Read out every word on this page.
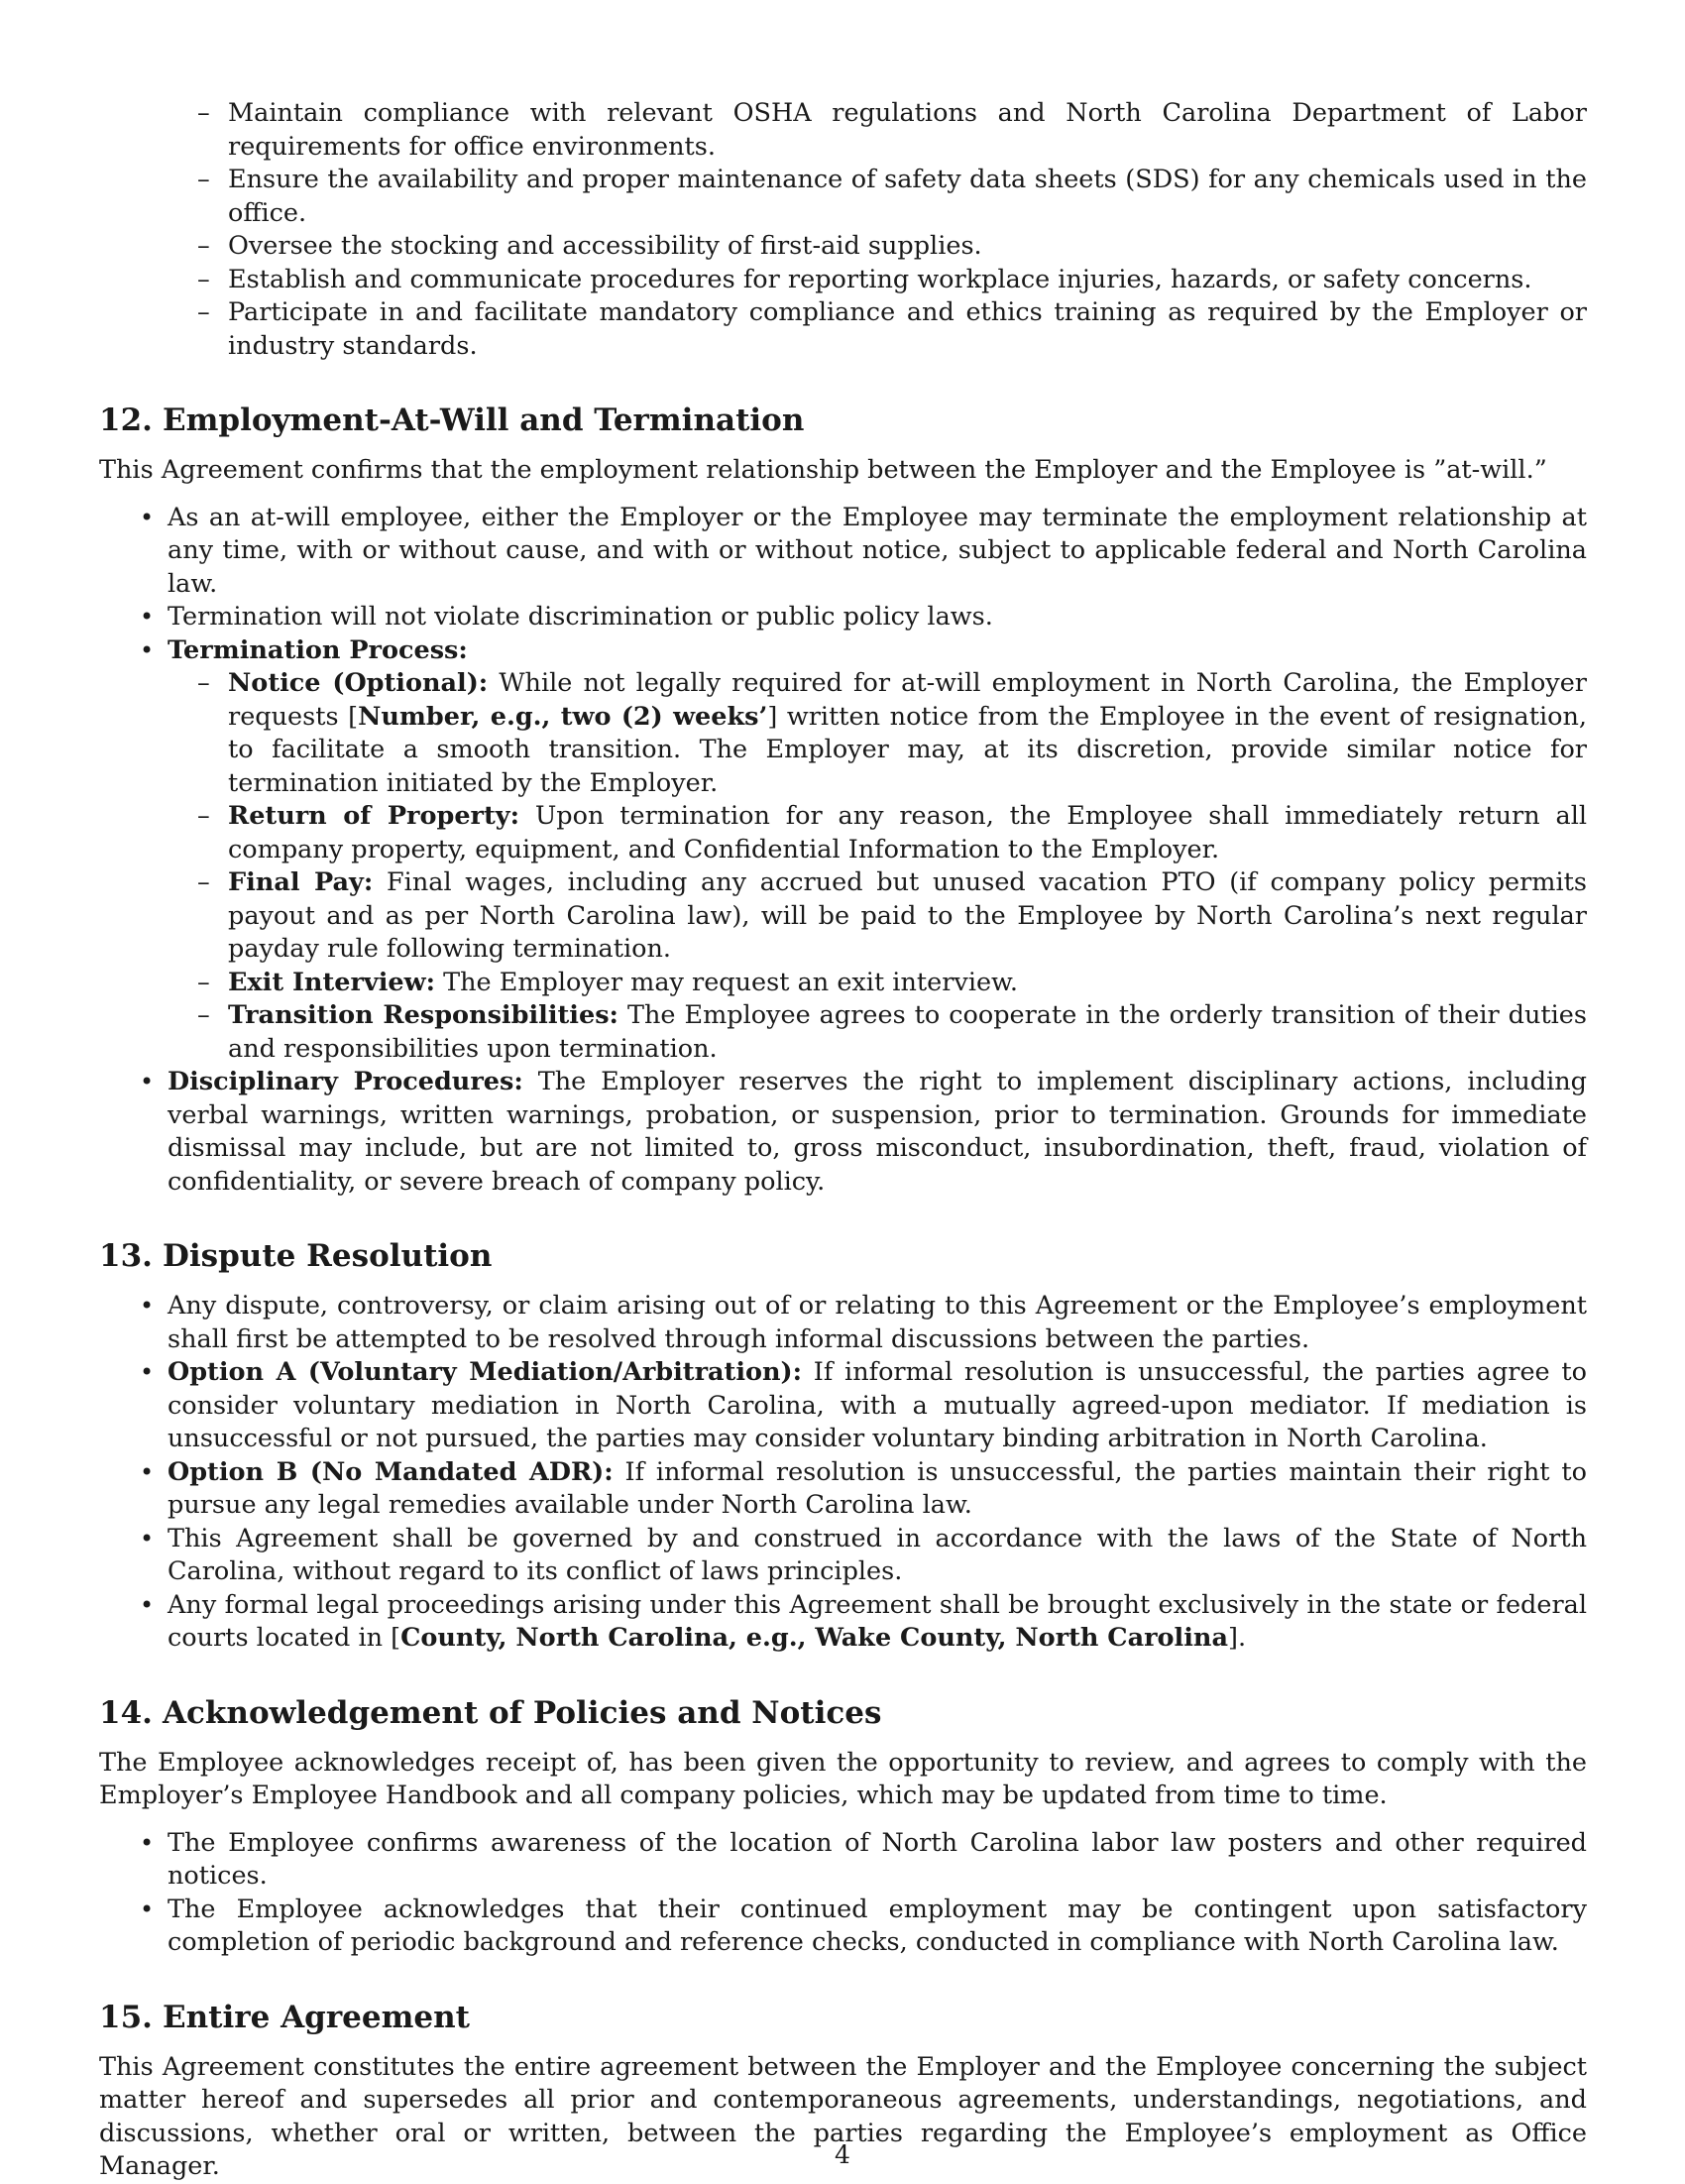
– Maintain compliance with relevant OSHA regulations and North Carolina Department of Labor requirements for office environments.
– Ensure the availability and proper maintenance of safety data sheets (SDS) for any chemicals used in the office.
– Oversee the stocking and accessibility of first-aid supplies.
– Establish and communicate procedures for reporting workplace injuries, hazards, or safety concerns.
– Participate in and facilitate mandatory compliance and ethics training as required by the Employer or industry standards.
12. Employment-At-Will and Termination

This Agreement confirms that the employment relationship between the Employer and the Employee is ”at-will.”

• As an at-will employee, either the Employer or the Employee may terminate the employment relationship at any time, with or without cause, and with or without notice, subject to applicable federal and North Carolina law.
• Termination will not violate discrimination or public policy laws.
• Termination Process:
– Notice (Optional): While not legally required for at-will employment in North Carolina, the Employer requests [Number, e.g., two (2) weeks’] written notice from the Employee in the event of resignation, to facilitate a smooth transition. The Employer may, at its discretion, provide similar notice for termination initiated by the Employer.
– Return of Property: Upon termination for any reason, the Employee shall immediately return all company property, equipment, and Confidential Information to the Employer.
– Final Pay: Final wages, including any accrued but unused vacation PTO (if company policy permits payout and as per North Carolina law), will be paid to the Employee by North Carolina’s next regular payday rule following termination.
– Exit Interview: The Employer may request an exit interview.
– Transition Responsibilities: The Employee agrees to cooperate in the orderly transition of their duties and responsibilities upon termination.
• Disciplinary Procedures: The Employer reserves the right to implement disciplinary actions, including verbal warnings, written warnings, probation, or suspension, prior to termination. Grounds for immediate dismissal may include, but are not limited to, gross misconduct, insubordination, theft, fraud, violation of confidentiality, or severe breach of company policy.
13. Dispute Resolution
• Any dispute, controversy, or claim arising out of or relating to this Agreement or the Employee’s employment shall first be attempted to be resolved through informal discussions between the parties.
• Option A (Voluntary Mediation/Arbitration): If informal resolution is unsuccessful, the parties agree to consider voluntary mediation in North Carolina, with a mutually agreed-upon mediator. If mediation is unsuccessful or not pursued, the parties may consider voluntary binding arbitration in North Carolina.
• Option B (No Mandated ADR): If informal resolution is unsuccessful, the parties maintain their right to pursue any legal remedies available under North Carolina law.
• This Agreement shall be governed by and construed in accordance with the laws of the State of North Carolina, without regard to its conflict of laws principles.
• Any formal legal proceedings arising under this Agreement shall be brought exclusively in the state or federal courts located in [County, North Carolina, e.g., Wake County, North Carolina].
14. Acknowledgement of Policies and Notices

The Employee acknowledges receipt of, has been given the opportunity to review, and agrees to comply with the Employer’s Employee Handbook and all company policies, which may be updated from time to time.

• The Employee confirms awareness of the location of North Carolina labor law posters and other required notices.
• The Employee acknowledges that their continued employment may be contingent upon satisfactory completion of periodic background and reference checks, conducted in compliance with North Carolina law.
15. Entire Agreement

This Agreement constitutes the entire agreement between the Employer and the Employee concerning the subject matter hereof and supersedes all prior and contemporaneous agreements, understandings, negotiations, and discussions, whether oral or written, between the parties regarding the Employee’s employment as Office Manager.	4
